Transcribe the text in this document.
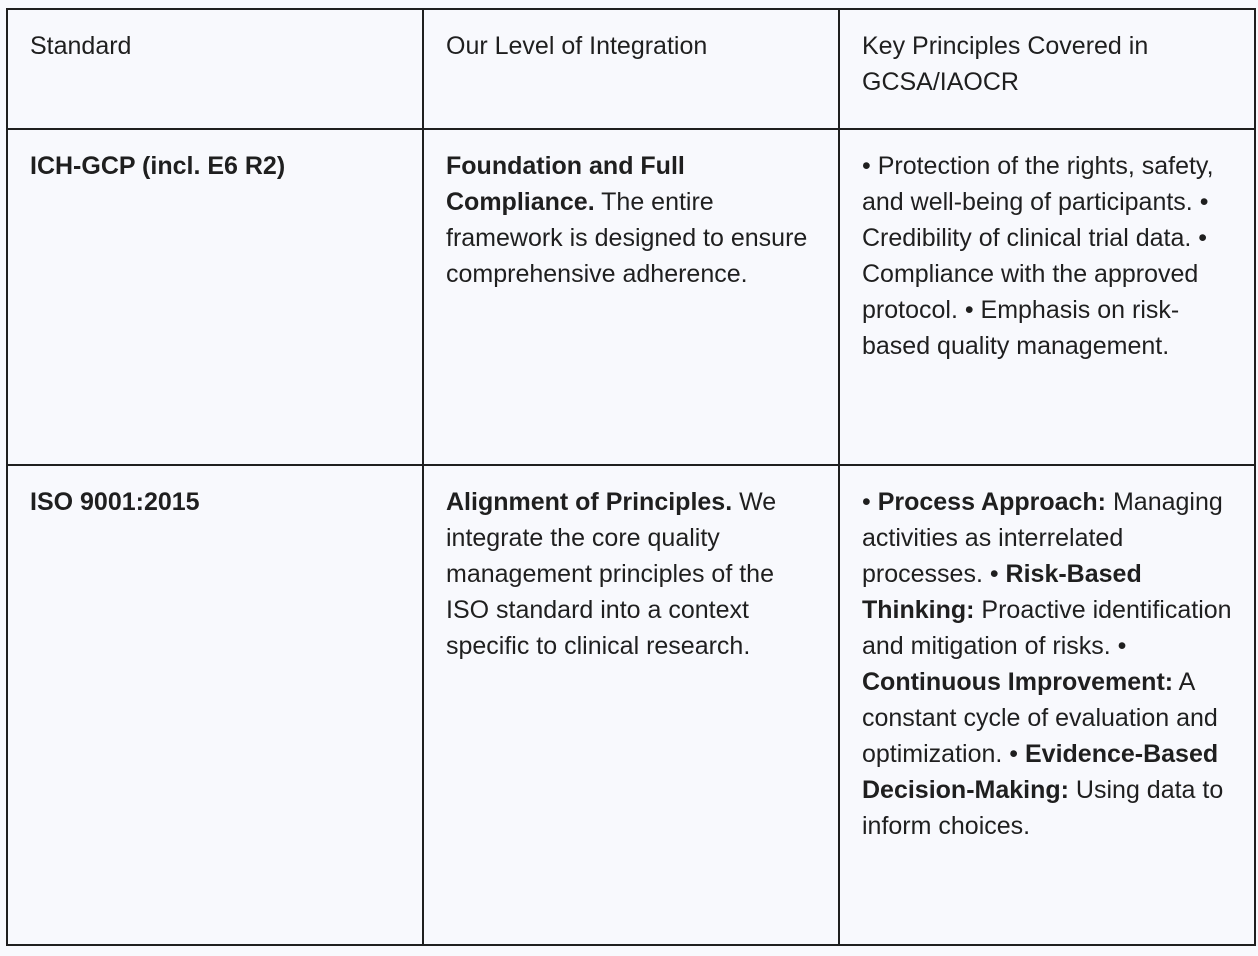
Standard	Our Level of Integration	Key Principles Covered in GCSA/IAOCR
ICH-GCP (incl. E6 R2)	Foundation and Full Compliance. The entire framework is designed to ensure comprehensive adherence.	• Protection of the rights, safety, and well-being of participants. • Credibility of clinical trial data. • Compliance with the approved protocol. • Emphasis on risk-based quality management.
ISO 9001:2015	Alignment of Principles. We integrate the core quality management principles of the ISO standard into a context specific to clinical research.	• Process Approach: Managing activities as interrelated processes. • Risk-Based Thinking: Proactive identification and mitigation of risks. • Continuous Improvement: A constant cycle of evaluation and optimization. • Evidence-Based Decision-Making: Using data to inform choices.
